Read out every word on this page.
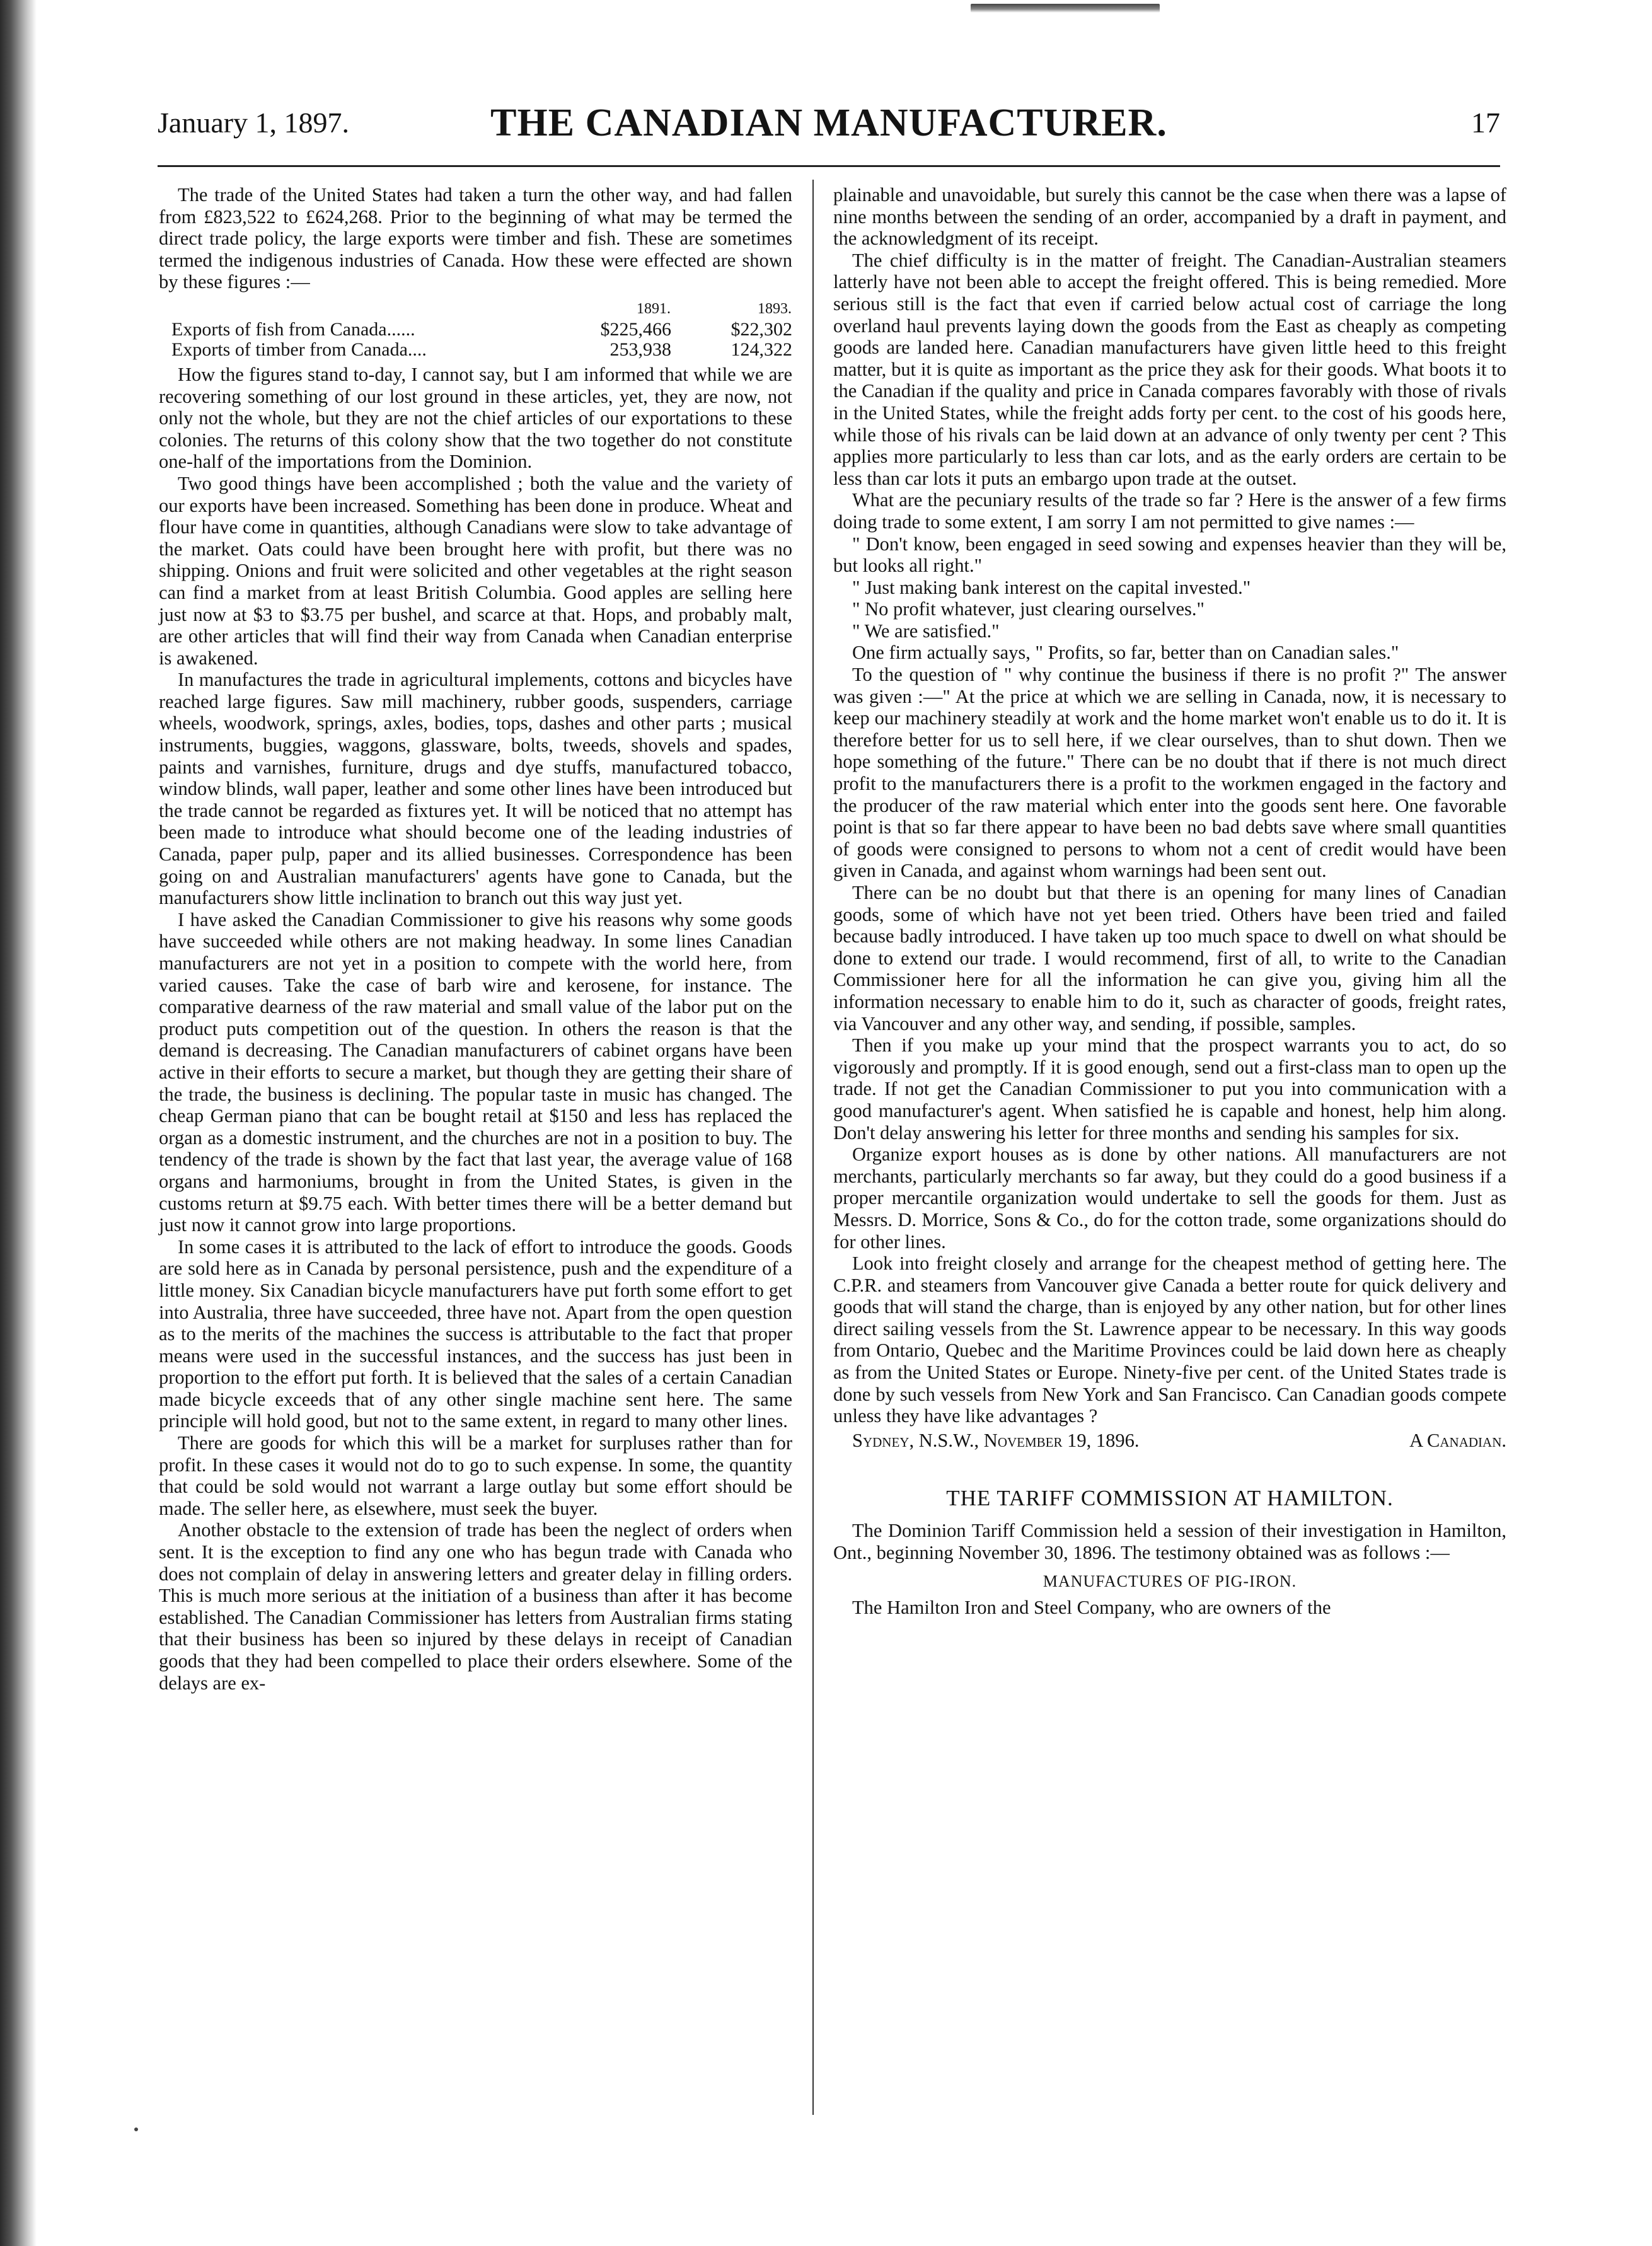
THE CANADIAN MANUFACTURER.
January 1, 1897.	17

The trade of the United States had taken a turn the other way, and had fallen from £823,522 to £624,268. Prior to the beginning of what may be termed the direct trade policy, the large exports were timber and fish. These are sometimes termed the indigenous industries of Canada. How these were effected are shown by these figures :—

	1891.	1893.
Exports of fish from Canada......	$225,466	$22,302
Exports of timber from Canada....	253,938	124,322

How the figures stand to-day, I cannot say, but I am informed that while we are recovering something of our lost ground in these articles, yet, they are now, not only not the whole, but they are not the chief articles of our exportations to these colonies. The returns of this colony show that the two together do not constitute one-half of the importations from the Dominion.

Two good things have been accomplished ; both the value and the variety of our exports have been increased. Something has been done in produce. Wheat and flour have come in quantities, although Canadians were slow to take advantage of the market. Oats could have been brought here with profit, but there was no shipping. Onions and fruit were solicited and other vegetables at the right season can find a market from at least British Columbia. Good apples are selling here just now at $3 to $3.75 per bushel, and scarce at that. Hops, and probably malt, are other articles that will find their way from Canada when Canadian enterprise is awakened.

In manufactures the trade in agricultural implements, cottons and bicycles have reached large figures. Saw mill machinery, rubber goods, suspenders, carriage wheels, woodwork, springs, axles, bodies, tops, dashes and other parts ; musical instruments, buggies, waggons, glassware, bolts, tweeds, shovels and spades, paints and varnishes, furniture, drugs and dye stuffs, manufactured tobacco, window blinds, wall paper, leather and some other lines have been introduced but the trade cannot be regarded as fixtures yet. It will be noticed that no attempt has been made to introduce what should become one of the leading industries of Canada, paper pulp, paper and its allied businesses. Correspondence has been going on and Australian manufacturers' agents have gone to Canada, but the manufacturers show little inclination to branch out this way just yet.

I have asked the Canadian Commissioner to give his reasons why some goods have succeeded while others are not making headway. In some lines Canadian manufacturers are not yet in a position to compete with the world here, from varied causes. Take the case of barb wire and kerosene, for instance. The comparative dearness of the raw material and small value of the labor put on the product puts competition out of the question. In others the reason is that the demand is decreasing. The Canadian manufacturers of cabinet organs have been active in their efforts to secure a market, but though they are getting their share of the trade, the business is declining. The popular taste in music has changed. The cheap German piano that can be bought retail at $150 and less has replaced the organ as a domestic instrument, and the churches are not in a position to buy. The tendency of the trade is shown by the fact that last year, the average value of 168 organs and harmoniums, brought in from the United States, is given in the customs return at $9.75 each. With better times there will be a better demand but just now it cannot grow into large proportions.

In some cases it is attributed to the lack of effort to introduce the goods. Goods are sold here as in Canada by personal persistence, push and the expenditure of a little money. Six Canadian bicycle manufacturers have put forth some effort to get into Australia, three have succeeded, three have not. Apart from the open question as to the merits of the machines the success is attributable to the fact that proper means were used in the successful instances, and the success has just been in proportion to the effort put forth. It is believed that the sales of a certain Canadian made bicycle exceeds that of any other single machine sent here. The same principle will hold good, but not to the same extent, in regard to many other lines.

There are goods for which this will be a market for surpluses rather than for profit. In these cases it would not do to go to such expense. In some, the quantity that could be sold would not warrant a large outlay but some effort should be made. The seller here, as elsewhere, must seek the buyer.

Another obstacle to the extension of trade has been the neglect of orders when sent. It is the exception to find any one who has begun trade with Canada who does not complain of delay in answering letters and greater delay in filling orders. This is much more serious at the initiation of a business than after it has become established. The Canadian Commissioner has letters from Australian firms stating that their business has been so injured by these delays in receipt of Canadian goods that they had been compelled to place their orders elsewhere. Some of the delays are ex-

plainable and unavoidable, but surely this cannot be the case when there was a lapse of nine months between the sending of an order, accompanied by a draft in payment, and the acknowledgment of its receipt.

The chief difficulty is in the matter of freight. The Canadian-Australian steamers latterly have not been able to accept the freight offered. This is being remedied. More serious still is the fact that even if carried below actual cost of carriage the long overland haul prevents laying down the goods from the East as cheaply as competing goods are landed here. Canadian manufacturers have given little heed to this freight matter, but it is quite as important as the price they ask for their goods. What boots it to the Canadian if the quality and price in Canada compares favorably with those of rivals in the United States, while the freight adds forty per cent. to the cost of his goods here, while those of his rivals can be laid down at an advance of only twenty per cent ? This applies more particularly to less than car lots, and as the early orders are certain to be less than car lots it puts an embargo upon trade at the outset.

What are the pecuniary results of the trade so far ? Here is the answer of a few firms doing trade to some extent, I am sorry I am not permitted to give names :—

" Don't know, been engaged in seed sowing and expenses heavier than they will be, but looks all right."

" Just making bank interest on the capital invested."

" No profit whatever, just clearing ourselves."

" We are satisfied."

One firm actually says, " Profits, so far, better than on Canadian sales."

To the question of " why continue the business if there is no profit ?" The answer was given :—" At the price at which we are selling in Canada, now, it is necessary to keep our machinery steadily at work and the home market won't enable us to do it. It is therefore better for us to sell here, if we clear ourselves, than to shut down. Then we hope something of the future." There can be no doubt that if there is not much direct profit to the manufacturers there is a profit to the workmen engaged in the factory and the producer of the raw material which enter into the goods sent here. One favorable point is that so far there appear to have been no bad debts save where small quantities of goods were consigned to persons to whom not a cent of credit would have been given in Canada, and against whom warnings had been sent out.

There can be no doubt but that there is an opening for many lines of Canadian goods, some of which have not yet been tried. Others have been tried and failed because badly introduced. I have taken up too much space to dwell on what should be done to extend our trade. I would recommend, first of all, to write to the Canadian Commissioner here for all the information he can give you, giving him all the information necessary to enable him to do it, such as character of goods, freight rates, via Vancouver and any other way, and sending, if possible, samples.

Then if you make up your mind that the prospect warrants you to act, do so vigorously and promptly. If it is good enough, send out a first-class man to open up the trade. If not get the Canadian Commissioner to put you into communication with a good manufacturer's agent. When satisfied he is capable and honest, help him along. Don't delay answering his letter for three months and sending his samples for six.

Organize export houses as is done by other nations. All manufacturers are not merchants, particularly merchants so far away, but they could do a good business if a proper mercantile organization would undertake to sell the goods for them. Just as Messrs. D. Morrice, Sons & Co., do for the cotton trade, some organizations should do for other lines.

Look into freight closely and arrange for the cheapest method of getting here. The C.P.R. and steamers from Vancouver give Canada a better route for quick delivery and goods that will stand the charge, than is enjoyed by any other nation, but for other lines direct sailing vessels from the St. Lawrence appear to be necessary. In this way goods from Ontario, Quebec and the Maritime Provinces could be laid down here as cheaply as from the United States or Europe. Ninety-five per cent. of the United States trade is done by such vessels from New York and San Francisco. Can Canadian goods compete unless they have like advantages ?

Sydney, N.S.W., November 19, 1896.	A Canadian.
THE TARIFF COMMISSION AT HAMILTON.

The Dominion Tariff Commission held a session of their investigation in Hamilton, Ont., beginning November 30, 1896. The testimony obtained was as follows :—

MANUFACTURES OF PIG-IRON.

The Hamilton Iron and Steel Company, who are owners of the
